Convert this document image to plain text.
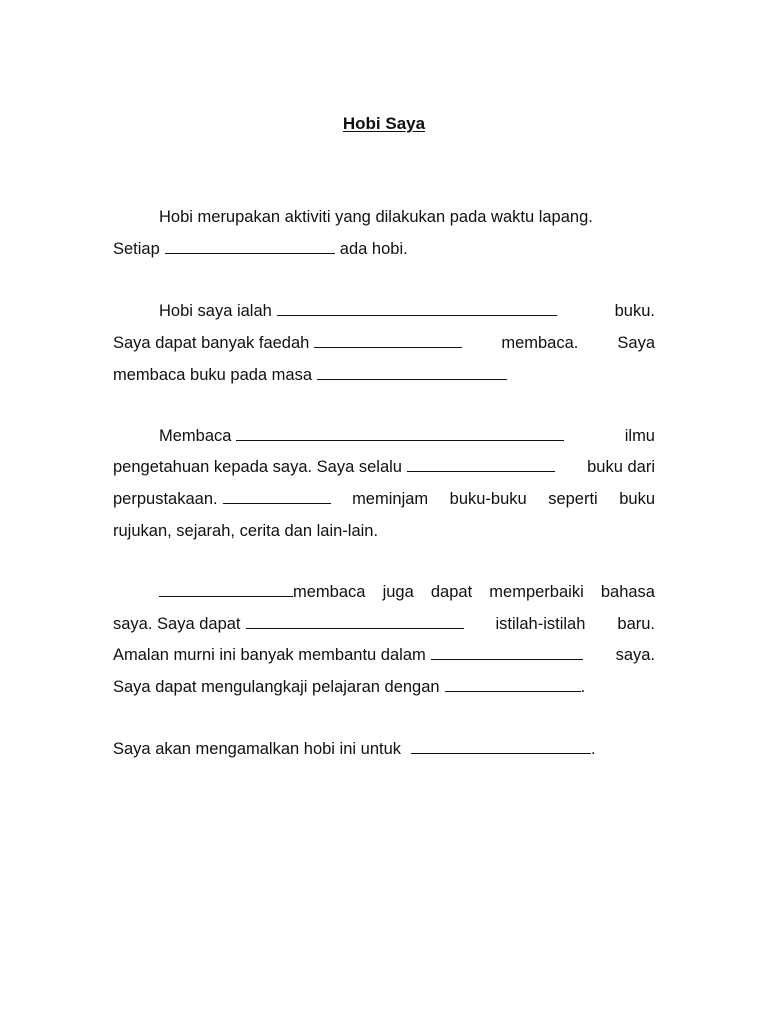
Hobi Saya
Hobi merupakan aktiviti yang dilakukan pada waktu lapang.
Setiap	ada hobi.
Hobi saya ialah	buku.
Saya dapat banyak faedah	membaca. Saya
membaca buku pada masa
Membaca	ilmu
pengetahuan kepada saya. Saya selalu	buku dari
perpustakaan.	meminjam buku-buku seperti buku
rujukan, sejarah, cerita dan lain-lain.
membaca juga dapat memperbaiki bahasa
saya. Saya dapat	istilah-istilah baru.
Amalan murni ini banyak membantu dalam	saya.
Saya dapat mengulangkaji pelajaran dengan	.
Saya akan mengamalkan hobi ini untuk	.
